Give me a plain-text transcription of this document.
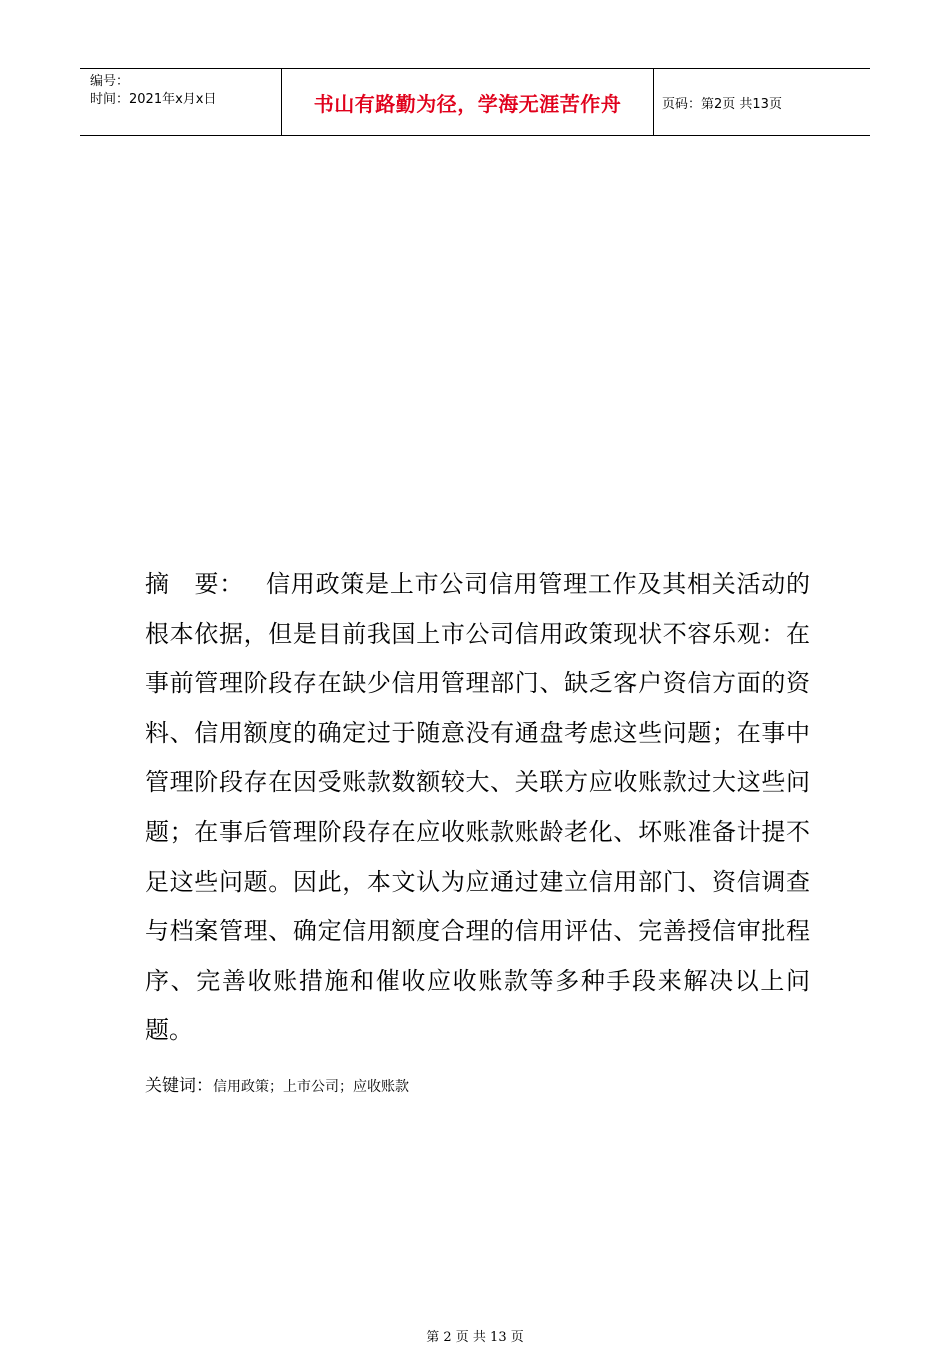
编号：
时间：2021年x月x日	书山有路勤为径，学海无涯苦作舟	页码：第2页 共13页

摘 要： 信用政策是上市公司信用管理工作及其相关活动的根本依据，但是目前我国上市公司信用政策现状不容乐观：在事前管理阶段存在缺少信用管理部门、缺乏客户资信方面的资料、信用额度的确定过于随意没有通盘考虑这些问题；在事中管理阶段存在因受账款数额较大、关联方应收账款过大这些问题；在事后管理阶段存在应收账款账龄老化、坏账准备计提不足这些问题。因此，本文认为应通过建立信用部门、资信调查与档案管理、确定信用额度合理的信用评估、完善授信审批程序、完善收账措施和催收应收账款等多种手段来解决以上问题。

关键词：信用政策；上市公司；应收账款
第 2 页 共 13 页
